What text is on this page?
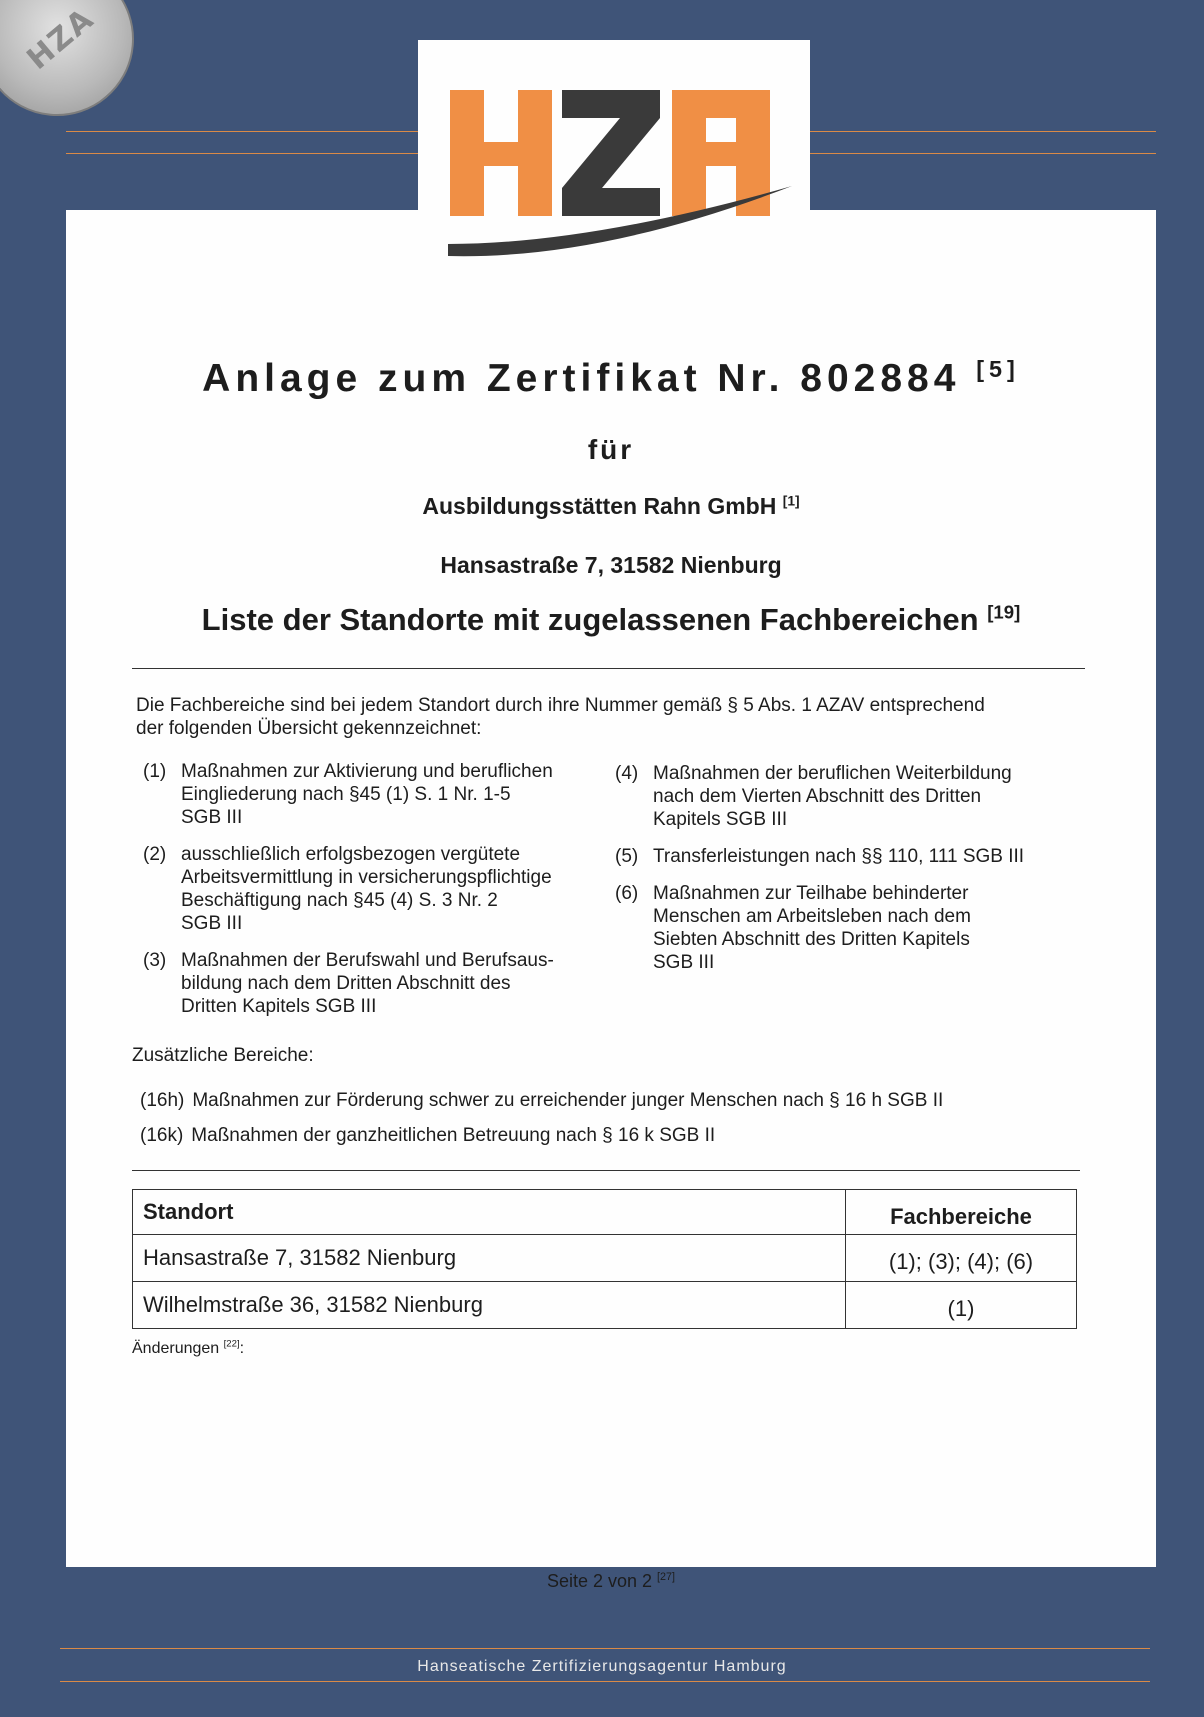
HZA
Anlage zum Zertifikat Nr. 802884 [5]
für
Ausbildungsstätten Rahn GmbH [1]
Hansastraße 7, 31582 Nienburg
Liste der Standorte mit zugelassenen Fachbereichen [19]
Die Fachbereiche sind bei jedem Standort durch ihre Nummer gemäß § 5 Abs. 1 AZAV entsprechend
der folgenden Übersicht gekennzeichnet:
(1) Maßnahmen zur Aktivierung und beruflichen
Eingliederung nach §45 (1) S. 1 Nr. 1-5
SGB III
(2) ausschließlich erfolgsbezogen vergütete
Arbeitsvermittlung in versicherungspflichtige
Beschäftigung nach §45 (4) S. 3 Nr. 2
SGB III
(3) Maßnahmen der Berufswahl und Berufsaus-
bildung nach dem Dritten Abschnitt des
Dritten Kapitels SGB III
(4) Maßnahmen der beruflichen Weiterbildung
nach dem Vierten Abschnitt des Dritten
Kapitels SGB III
(5) Transferleistungen nach §§ 110, 111 SGB III
(6) Maßnahmen zur Teilhabe behinderter
Menschen am Arbeitsleben nach dem
Siebten Abschnitt des Dritten Kapitels
SGB III
Zusätzliche Bereiche:
(16h) Maßnahmen zur Förderung schwer zu erreichender junger Menschen nach § 16 h SGB II
(16k) Maßnahmen der ganzheitlichen Betreuung nach § 16 k SGB II
Standort	Fachbereiche
Hansastraße 7, 31582 Nienburg	(1); (3); (4); (6)
Wilhelmstraße 36, 31582 Nienburg	(1)
Änderungen [22]:
Seite 2 von 2 [27]
Hanseatische Zertifizierungsagentur Hamburg
